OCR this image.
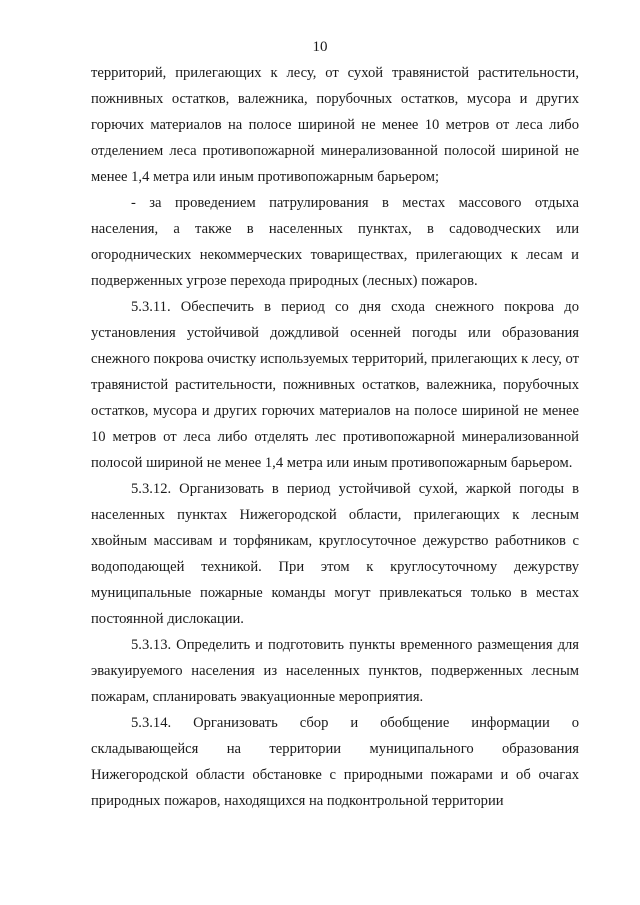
10

территорий, прилегающих к лесу, от сухой травянистой растительности, пожнивных остатков, валежника, порубочных остатков, мусора и других горючих материалов на полосе шириной не менее 10 метров от леса либо отделением леса противопожарной минерализованной полосой шириной не менее 1,4 метра или иным противопожарным барьером;

- за проведением патрулирования в местах массового отдыха населения, а также в населенных пунктах, в садоводческих или огороднических некоммерческих товариществах, прилегающих к лесам и подверженных угрозе перехода природных (лесных) пожаров.

5.3.11. Обеспечить в период со дня схода снежного покрова до установления устойчивой дождливой осенней погоды или образования снежного покрова очистку используемых территорий, прилегающих к лесу, от травянистой растительности, пожнивных остатков, валежника, порубочных остатков, мусора и других горючих материалов на полосе шириной не менее 10 метров от леса либо отделять лес противопожарной минерализованной полосой шириной не менее 1,4 метра или иным противопожарным барьером.

5.3.12. Организовать в период устойчивой сухой, жаркой погоды в населенных пунктах Нижегородской области, прилегающих к лесным хвойным массивам и торфяникам, круглосуточное дежурство работников с водоподающей техникой. При этом к круглосуточному дежурству муниципальные пожарные команды могут привлекаться только в местах постоянной дислокации.

5.3.13. Определить и подготовить пункты временного размещения для эвакуируемого населения из населенных пунктов, подверженных лесным пожарам, спланировать эвакуационные мероприятия.

5.3.14. Организовать сбор и обобщение информации о складывающейся на территории муниципального образования Нижегородской области обстановке с природными пожарами и об очагах природных пожаров, находящихся на подконтрольной территории
